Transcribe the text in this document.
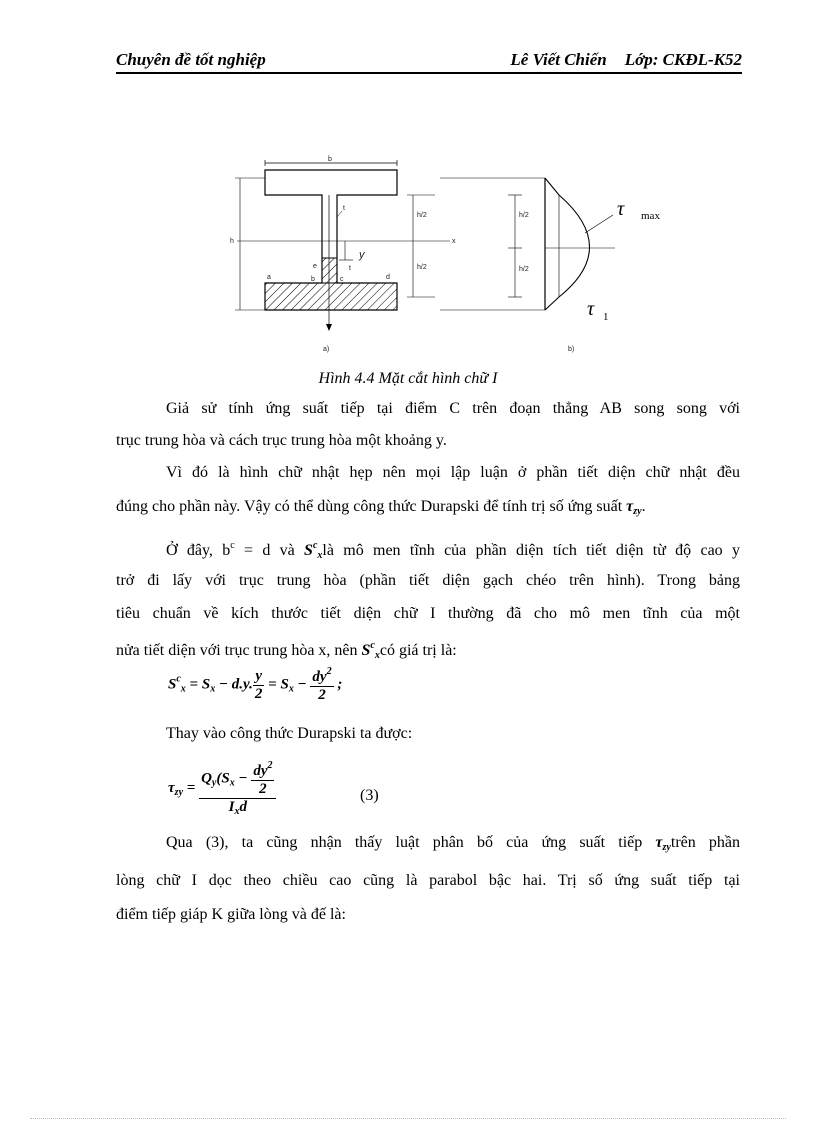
Chuyên đề tốt nghiệp	Lê Viết Chiến Lớp: CKĐL-K52
b
x
h
h/2
h/2
t
y
t
e
a	b	c	d
a)
h/2
h/2
τ max
τ 1
b)
Hình 4.4 Mặt cắt hình chữ I
Giả sử tính ứng suất tiếp tại điểm C trên đoạn thẳng AB song song với
trục trung hòa và cách trục trung hòa một khoảng y.
Vì đó là hình chữ nhật hẹp nên mọi lập luận ở phần tiết diện chữ nhật đều
đúng cho phần này. Vậy có thể dùng công thức Durapski để tính trị số ứng suất $\tau_{zy}$.
Ở đây, $b^c = d$ và $S^c_xlà$ mô men tĩnh của phần diện tích tiết diện từ độ cao y
trở đi lấy với trục trung hòa (phần tiết diện gạch chéo trên hình). Trong bảng
tiêu chuẩn về kích thước tiết diện chữ I thường đã cho mô men tĩnh của một
nửa tiết diện với trục trung hòa x, nên $S^c_xcó$ giá trị là:
$S^c_x = S_x - d.y$. $\frac{y}{2} = S_x - \frac{dy^2}{2}$ ;
Thay vào công thức Durapski ta được:
$\tau_{zy} = \frac{Q_y(S_x - \frac{dy^2}{2}}{I_xd}$	(3)
Qua (3), ta cũng nhận thấy luật phân bố của ứng suất tiếp $\tau_{zy}trên$ phần
lòng chữ I dọc theo chiều cao cũng là parabol bậc hai. Trị số ứng suất tiếp tại
điểm tiếp giáp K giữa lòng và đế là:
